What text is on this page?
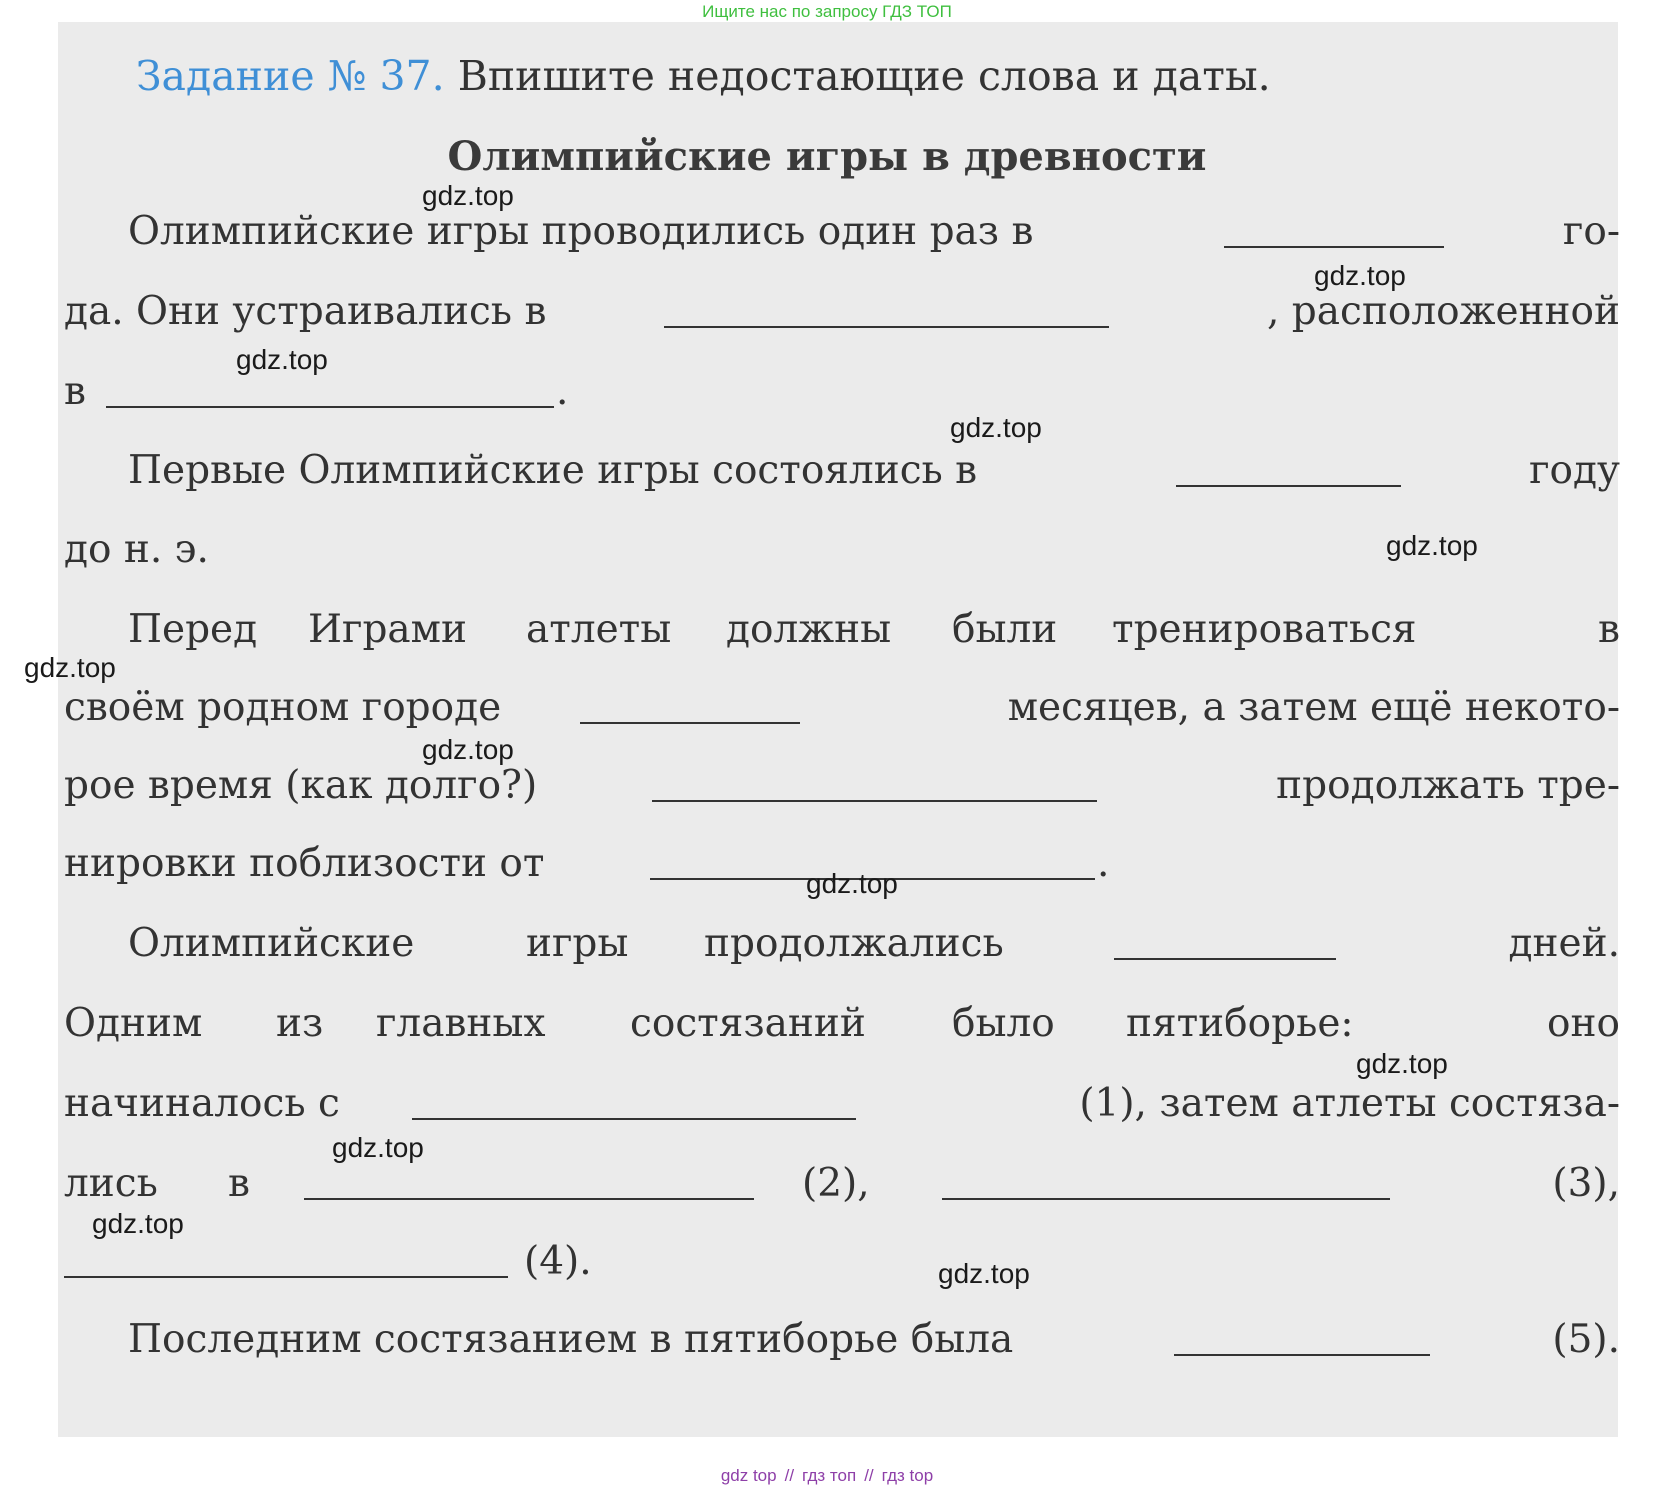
Ищите нас по запросу ГДЗ ТОП
Задание № 37. Впишите недостающие слова и даты.
Олимпийские игры в древности
Олимпийские игры проводились один раз в	го-
да. Они устраивались в	, расположенной
в	.
Первые Олимпийские игры состоялись в	году
до н. э.
Перед Играми атлеты должны были тренироваться	в
своём родном городе	месяцев, а затем ещё некото-
рое время (как долго?)	продолжать тре-
нировки поблизости от	.
Олимпийские	игры продолжались	дней.
Одним из главных состязаний было пятиборье:	оно
начиналось с	(1), затем атлеты состяза-
лись в	(2),	(3),
(4).
Последним состязанием в пятиборье была	(5).
gdz.top
gdz.top
gdz.top
gdz.top
gdz.top
gdz.top
gdz.top
gdz.top
gdz.top
gdz.top
gdz.top
gdz.top
gdz top // гдз топ // гдз top
